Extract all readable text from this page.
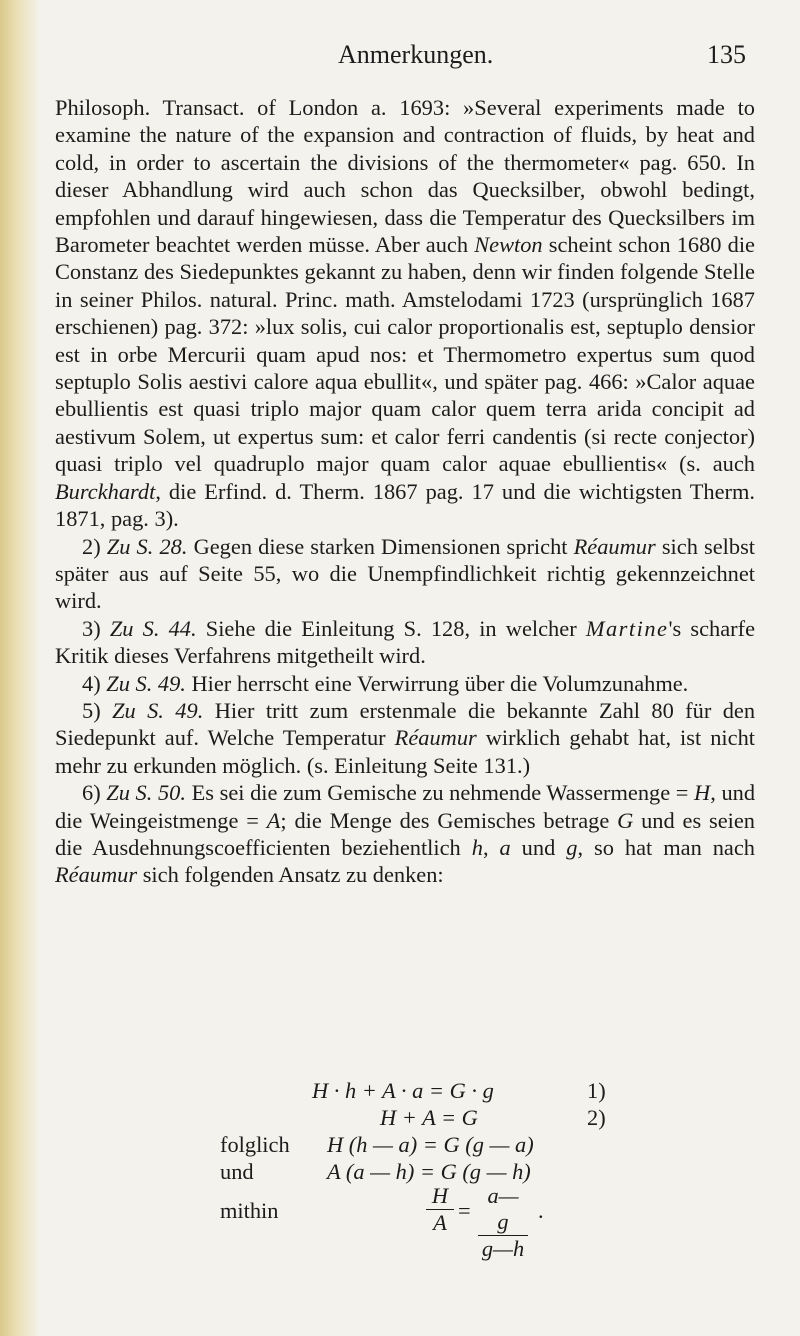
Anmerkungen.	135

Philosoph. Transact. of London a. 1693: »Several experiments made to examine the nature of the expansion and contraction of fluids, by heat and cold, in order to ascertain the divisions of the thermometer« pag. 650. In dieser Abhandlung wird auch schon das Quecksilber, obwohl bedingt, empfohlen und darauf hingewiesen, dass die Temperatur des Quecksilbers im Barometer beachtet werden müsse. Aber auch Newton scheint schon 1680 die Constanz des Siedepunktes gekannt zu haben, denn wir finden folgende Stelle in seiner Philos. natural. Princ. math. Amstelodami 1723 (ursprünglich 1687 erschienen) pag. 372: »lux solis, cui calor proportionalis est, septuplo densior est in orbe Mercurii quam apud nos: et Thermometro expertus sum quod septuplo Solis aestivi calore aqua ebullit«, und später pag. 466: »Calor aquae ebullientis est quasi triplo major quam calor quem terra arida concipit ad aestivum Solem, ut expertus sum: et calor ferri candentis (si recte conjector) quasi triplo vel quadruplo major quam calor aquae ebullientis« (s. auch Burckhardt, die Erfind. d. Therm. 1867 pag. 17 und die wichtigsten Therm. 1871, pag. 3).

2) Zu S. 28. Gegen diese starken Dimensionen spricht Réaumur sich selbst später aus auf Seite 55, wo die Unempfindlichkeit richtig gekennzeichnet wird.

3) Zu S. 44. Siehe die Einleitung S. 128, in welcher Martine's scharfe Kritik dieses Verfahrens mitgetheilt wird.

4) Zu S. 49. Hier herrscht eine Verwirrung über die Volumzunahme.

5) Zu S. 49. Hier tritt zum erstenmale die bekannte Zahl 80 für den Siedepunkt auf. Welche Temperatur Réaumur wirklich gehabt hat, ist nicht mehr zu erkunden möglich. (s. Einleitung Seite 131.)

6) Zu S. 50. Es sei die zum Gemische zu nehmende Wassermenge = H, und die Weingeistmenge = A; die Menge des Gemisches betrage G und es seien die Ausdehnungscoefficienten beziehentlich h, a und g, so hat man nach Réaumur sich folgenden Ansatz zu denken:

H · h + A · a = G · g	1)
H + A = G	2)
folglich H (h — a) = G (g — a)
und	A (a — h) = G (g — h)
mithin	$\frac{H}{A} = \frac{a—g}{g—h}$ .
